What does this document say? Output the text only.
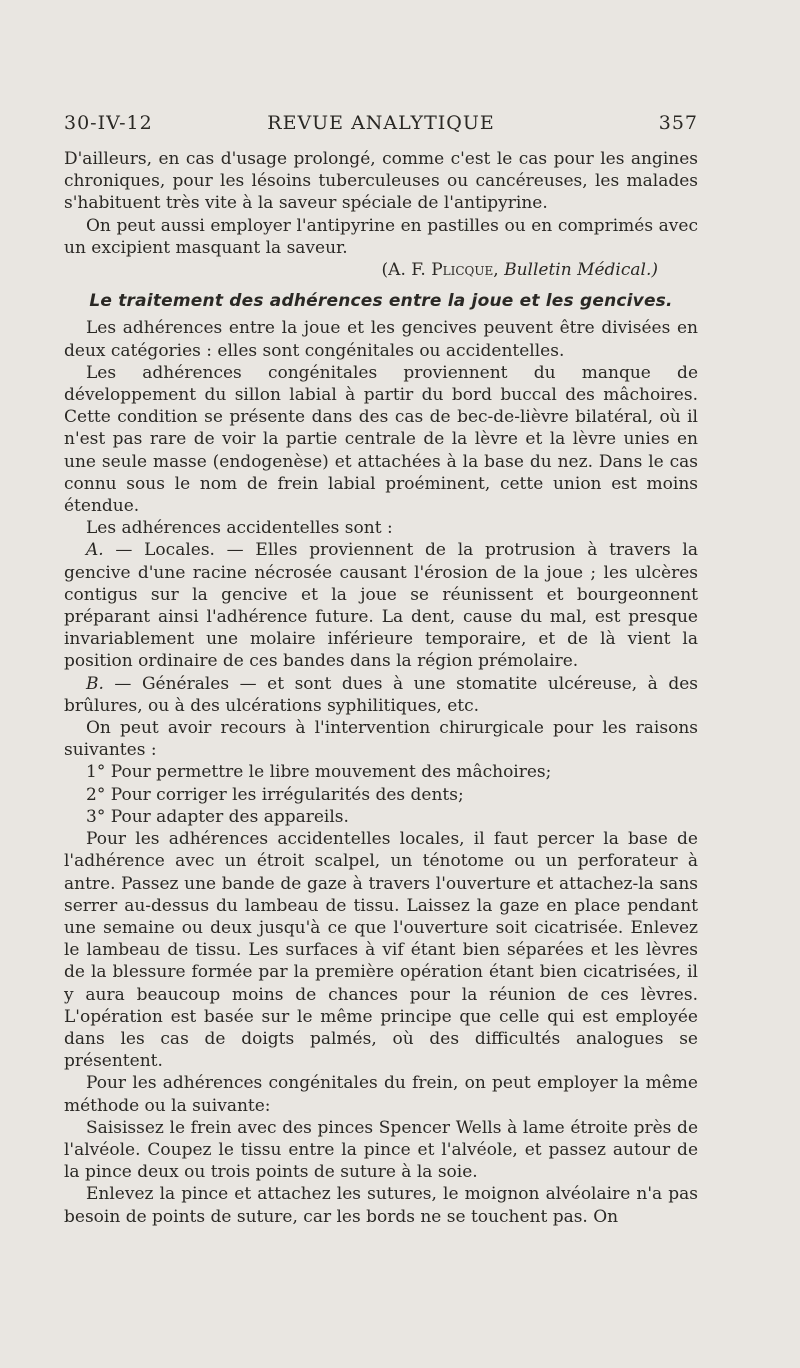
30-IV-12	REVUE ANALYTIQUE	357

D'ailleurs, en cas d'usage prolongé, comme c'est le cas pour les angines chroniques, pour les lésoins tuberculeuses ou cancéreuses, les malades s'habituent très vite à la saveur spéciale de l'antipyrine.

On peut aussi employer l'antipyrine en pastilles ou en comprimés avec un excipient masquant la saveur.

(A. F. Plicque, Bulletin Médical.)

Le traitement des adhérences entre la joue et les gencives.

Les adhérences entre la joue et les gencives peuvent être divisées en deux catégories : elles sont congénitales ou accidentelles.

Les adhérences congénitales proviennent du manque de développement du sillon labial à partir du bord buccal des mâchoires. Cette condition se présente dans des cas de bec-de-lièvre bilatéral, où il n'est pas rare de voir la partie centrale de la lèvre et la lèvre unies en une seule masse (endogenèse) et attachées à la base du nez. Dans le cas connu sous le nom de frein labial proéminent, cette union est moins étendue.

Les adhérences accidentelles sont :

A. — Locales. — Elles proviennent de la protrusion à travers la gencive d'une racine nécrosée causant l'érosion de la joue ; les ulcères contigus sur la gencive et la joue se réunissent et bourgeonnent préparant ainsi l'adhérence future. La dent, cause du mal, est presque invariablement une molaire inférieure temporaire, et de là vient la position ordinaire de ces bandes dans la région prémolaire.

B. — Générales — et sont dues à une stomatite ulcéreuse, à des brûlures, ou à des ulcérations syphilitiques, etc.

On peut avoir recours à l'intervention chirurgicale pour les raisons suivantes :

1° Pour permettre le libre mouvement des mâchoires;

2° Pour corriger les irrégularités des dents;

3° Pour adapter des appareils.

Pour les adhérences accidentelles locales, il faut percer la base de l'adhérence avec un étroit scalpel, un ténotome ou un perforateur à antre. Passez une bande de gaze à travers l'ouverture et attachez-la sans serrer au-dessus du lambeau de tissu. Laissez la gaze en place pendant une semaine ou deux jusqu'à ce que l'ouverture soit cicatrisée. Enlevez le lambeau de tissu. Les surfaces à vif étant bien séparées et les lèvres de la blessure formée par la première opération étant bien cicatrisées, il y aura beaucoup moins de chances pour la réunion de ces lèvres. L'opération est basée sur le même principe que celle qui est employée dans les cas de doigts palmés, où des difficultés analogues se présentent.

Pour les adhérences congénitales du frein, on peut employer la même méthode ou la suivante:

Saisissez le frein avec des pinces Spencer Wells à lame étroite près de l'alvéole. Coupez le tissu entre la pince et l'alvéole, et passez autour de la pince deux ou trois points de suture à la soie.

Enlevez la pince et attachez les sutures, le moignon alvéolaire n'a pas besoin de points de suture, car les bords ne se touchent pas. On
